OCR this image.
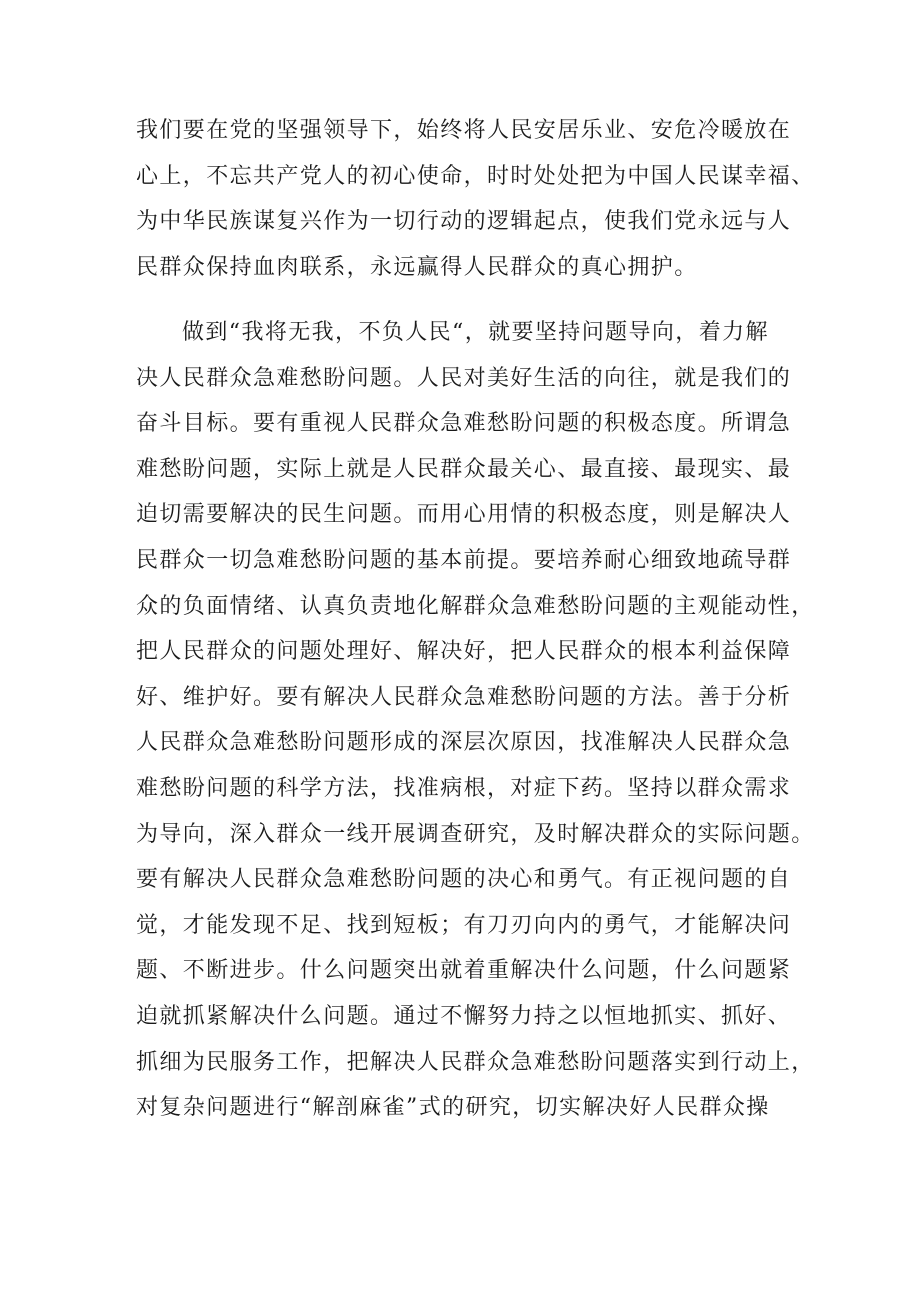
我们要在党的坚强领导下，始终将人民安居乐业、安危冷暖放在
心上，不忘共产党人的初心使命，时时处处把为中国人民谋幸福、
为中华民族谋复兴作为一切行动的逻辑起点，使我们党永远与人
民群众保持血肉联系，永远赢得人民群众的真心拥护。

做到“我将无我，不负人民“，就要坚持问题导向，着力解
决人民群众急难愁盼问题。人民对美好生活的向往，就是我们的
奋斗目标。要有重视人民群众急难愁盼问题的积极态度。所谓急
难愁盼问题，实际上就是人民群众最关心、最直接、最现实、最
迫切需要解决的民生问题。而用心用情的积极态度，则是解决人
民群众一切急难愁盼问题的基本前提。要培养耐心细致地疏导群
众的负面情绪、认真负责地化解群众急难愁盼问题的主观能动性，
把人民群众的问题处理好、解决好，把人民群众的根本利益保障
好、维护好。要有解决人民群众急难愁盼问题的方法。善于分析
人民群众急难愁盼问题形成的深层次原因，找准解决人民群众急
难愁盼问题的科学方法，找准病根，对症下药。坚持以群众需求
为导向，深入群众一线开展调查研究，及时解决群众的实际问题。
要有解决人民群众急难愁盼问题的决心和勇气。有正视问题的自
觉，才能发现不足、找到短板；有刀刃向内的勇气，才能解决问
题、不断进步。什么问题突出就着重解决什么问题，什么问题紧
迫就抓紧解决什么问题。通过不懈努力持之以恒地抓实、抓好、
抓细为民服务工作，把解决人民群众急难愁盼问题落实到行动上，
对复杂问题进行“解剖麻雀”式的研究，切实解决好人民群众操
